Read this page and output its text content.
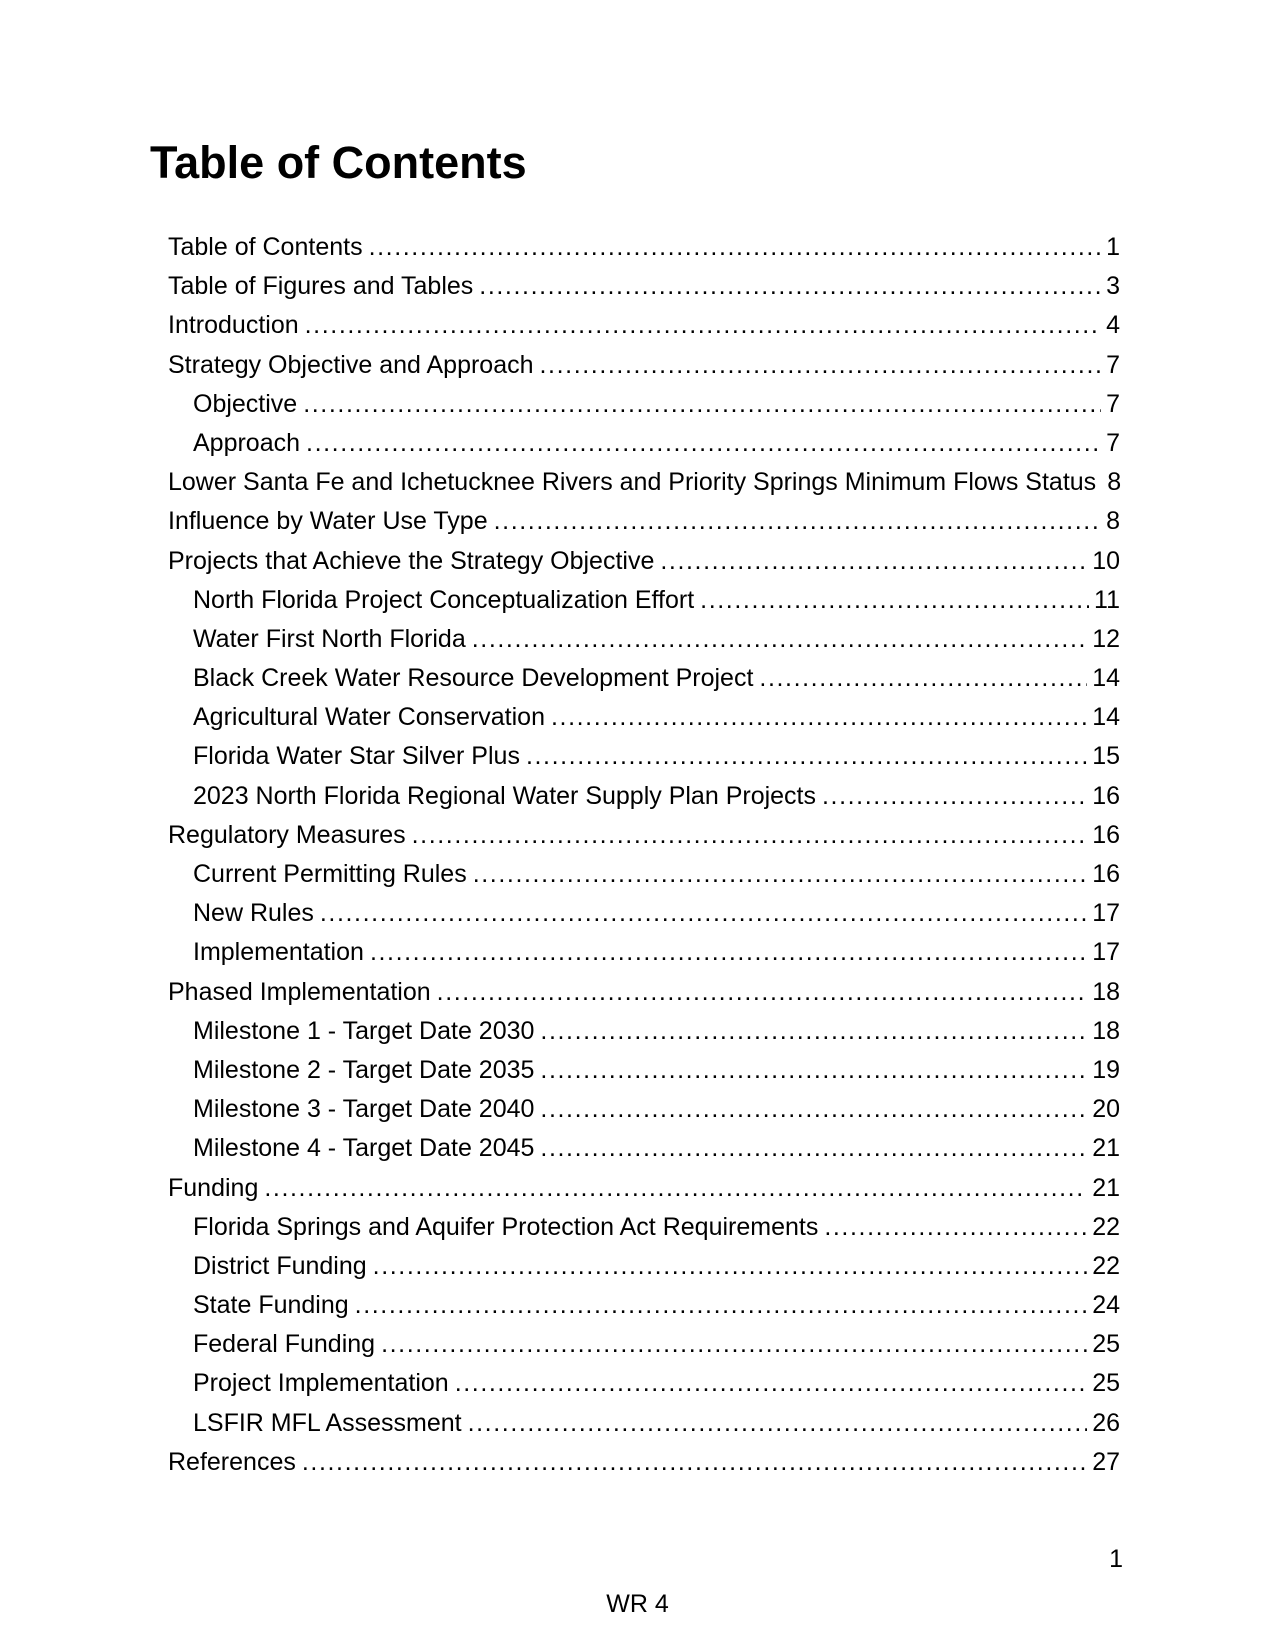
Table of Contents
Table of Contents .....	1
Table of Figures and Tables .....	3
Introduction .....	4
Strategy Objective and Approach .....	7
Objective .....	7
Approach .....	7
Lower Santa Fe and Ichetucknee Rivers and Priority Springs Minimum Flows Status 8
Influence by Water Use Type .....	8
Projects that Achieve the Strategy Objective .....	10
North Florida Project Conceptualization Effort .....	11
Water First North Florida .....	12
Black Creek Water Resource Development Project .....	14
Agricultural Water Conservation .....	14
Florida Water Star Silver Plus .....	15
2023 North Florida Regional Water Supply Plan Projects .....	16
Regulatory Measures .....	16
Current Permitting Rules .....	16
New Rules .....	17
Implementation .....	17
Phased Implementation .....	18
Milestone 1 - Target Date 2030 .....	18
Milestone 2 - Target Date 2035 .....	19
Milestone 3 - Target Date 2040 .....	20
Milestone 4 - Target Date 2045 .....	21
Funding .....	21
Florida Springs and Aquifer Protection Act Requirements .....	22
District Funding .....	22
State Funding .....	24
Federal Funding .....	25
Project Implementation .....	25
LSFIR MFL Assessment .....	26
References .....	27
1
WR 4
